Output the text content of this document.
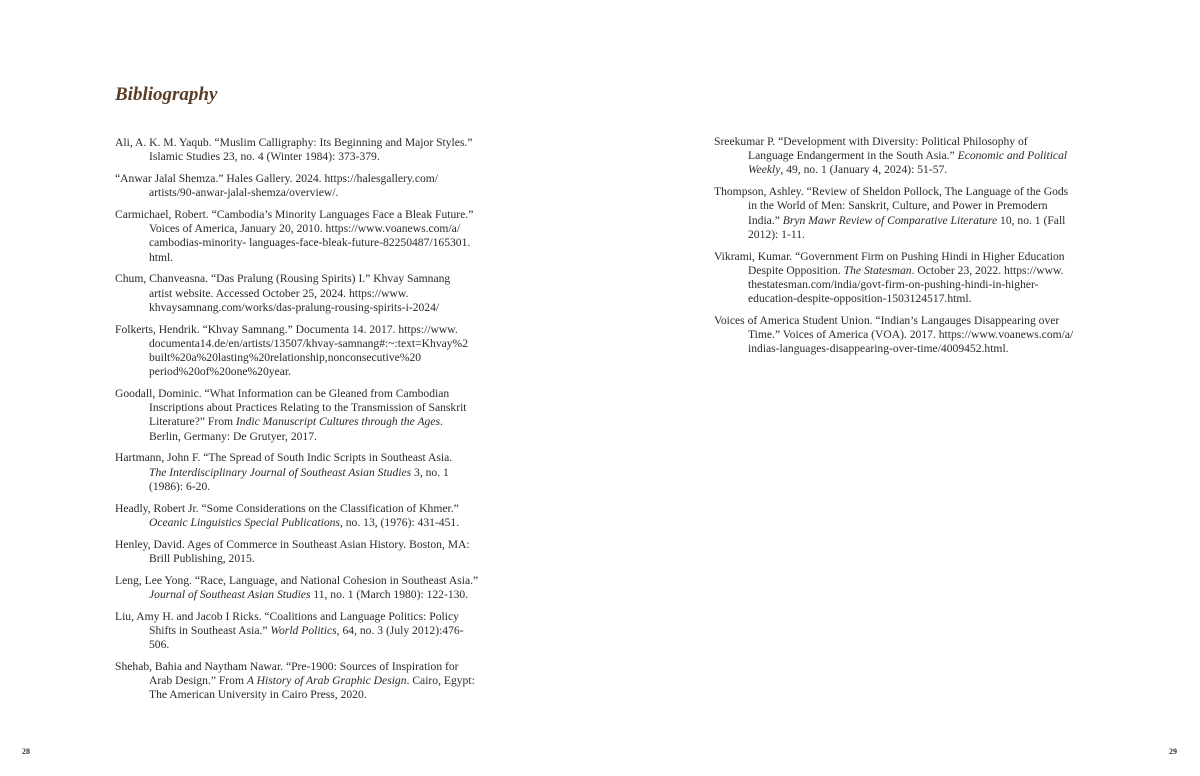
Bibliography
Ali, A. K. M. Yaqub. “Muslim Calligraphy: Its Beginning and Major Styles.”
Islamic Studies 23, no. 4 (Winter 1984): 373-379.
“Anwar Jalal Shemza.” Hales Gallery. 2024. https://halesgallery.com/
artists/90-anwar-jalal-shemza/overview/.
Carmichael, Robert. “Cambodia’s Minority Languages Face a Bleak Future.”
Voices of America, January 20, 2010. https://www.voanews.com/a/
cambodias-minority- languages-face-bleak-future-82250487/165301.
html.
Chum, Chanveasna. “Das Pralung (Rousing Spirits) I.” Khvay Samnang
artist website. Accessed October 25, 2024. https://www.
khvaysamnang.com/works/das-pralung-rousing-spirits-i-2024/
Folkerts, Hendrik. “Khvay Samnang.” Documenta 14. 2017. https://www.
documenta14.de/en/artists/13507/khvay-samnang#:~:text=Khvay%2
built%20a%20lasting%20relationship,nonconsecutive%20
period%20of%20one%20year.
Goodall, Dominic. “What Information can be Gleaned from Cambodian
Inscriptions about Practices Relating to the Transmission of Sanskrit
Literature?” From Indic Manuscript Cultures through the Ages.
Berlin, Germany: De Grutyer, 2017.
Hartmann, John F. “The Spread of South Indic Scripts in Southeast Asia.
The Interdisciplinary Journal of Southeast Asian Studies 3, no. 1
(1986): 6-20.
Headly, Robert Jr. “Some Considerations on the Classification of Khmer.”
Oceanic Linguistics Special Publications, no. 13, (1976): 431-451.
Henley, David. Ages of Commerce in Southeast Asian History. Boston, MA:
Brill Publishing, 2015.
Leng, Lee Yong. “Race, Language, and National Cohesion in Southeast Asia.”
Journal of Southeast Asian Studies 11, no. 1 (March 1980): 122-130.
Liu, Amy H. and Jacob I Ricks. “Coalitions and Language Politics: Policy
Shifts in Southeast Asia.” World Politics, 64, no. 3 (July 2012):476-
506.
Shehab, Bahia and Naytham Nawar. “Pre-1900: Sources of Inspiration for
Arab Design.” From A History of Arab Graphic Design. Cairo, Egypt:
The American University in Cairo Press, 2020.
28
Sreekumar P. “Development with Diversity: Political Philosophy of
Language Endangerment in the South Asia.” Economic and Political
Weekly, 49, no. 1 (January 4, 2024): 51-57.
Thompson, Ashley. “Review of Sheldon Pollock, The Language of the Gods
in the World of Men: Sanskrit, Culture, and Power in Premodern
India.” Bryn Mawr Review of Comparative Literature 10, no. 1 (Fall
2012): 1-11.
Vikrami, Kumar. “Government Firm on Pushing Hindi in Higher Education
Despite Opposition. The Statesman. October 23, 2022. https://www.
thestatesman.com/india/govt-firm-on-pushing-hindi-in-higher-
education-despite-opposition-1503124517.html.
Voices of America Student Union. “Indian’s Langauges Disappearing over
Time.” Voices of America (VOA). 2017. https://www.voanews.com/a/
indias-languages-disappearing-over-time/4009452.html.
29
